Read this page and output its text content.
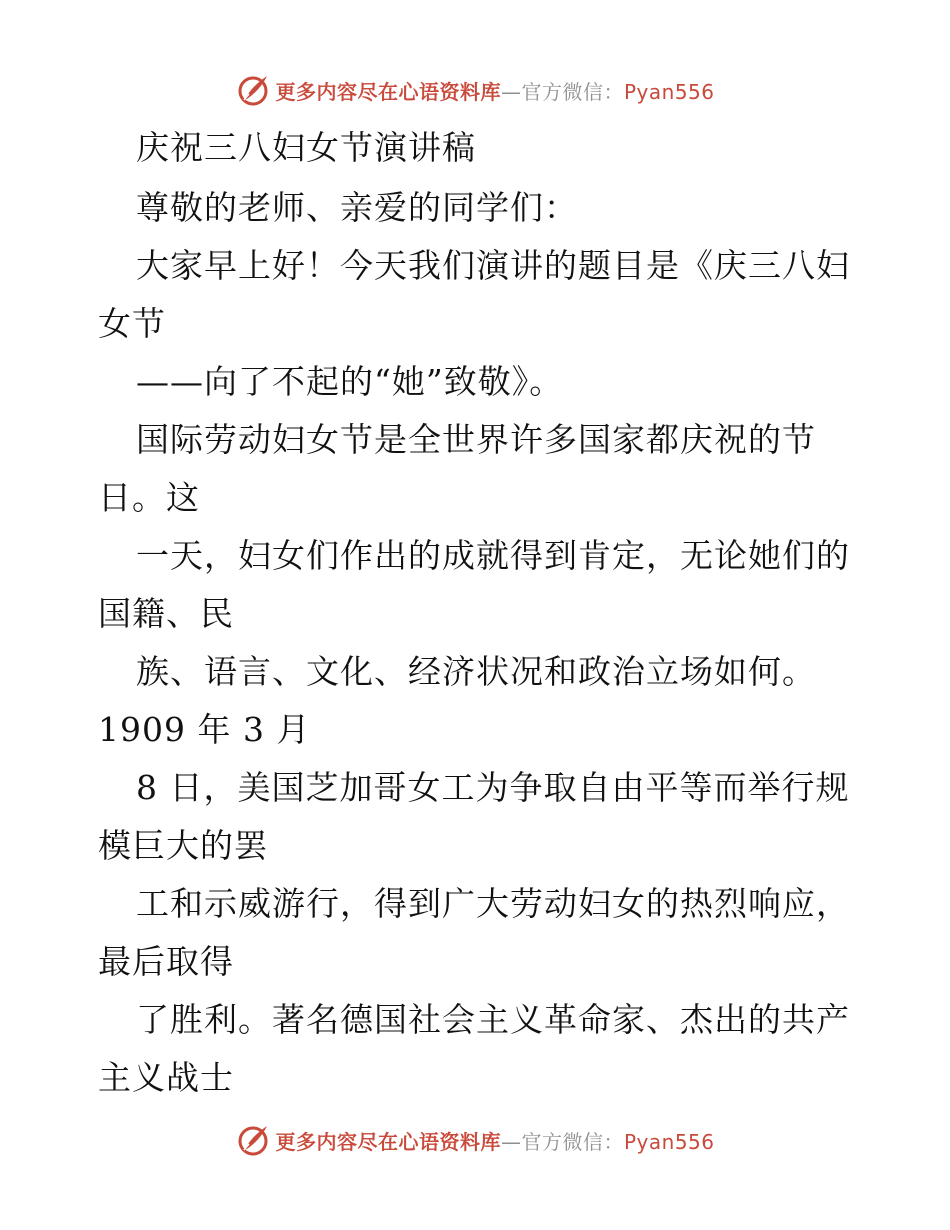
更多内容尽在心语资料库—官方微信：Pyan556
庆祝三八妇女节演讲稿
尊敬的老师、亲爱的同学们：
大家早上好！今天我们演讲的题目是《庆三八妇
女节
——向了不起的“她”致敬》。
国际劳动妇女节是全世界许多国家都庆祝的节
日。这
一天，妇女们作出的成就得到肯定，无论她们的
国籍、民
族、语言、文化、经济状况和政治立场如何。
1909 年 3 月
8 日，美国芝加哥女工为争取自由平等而举行规
模巨大的罢
工和示威游行，得到广大劳动妇女的热烈响应，
最后取得
了胜利。著名德国社会主义革命家、杰出的共产
主义战士
更多内容尽在心语资料库—官方微信：Pyan556
